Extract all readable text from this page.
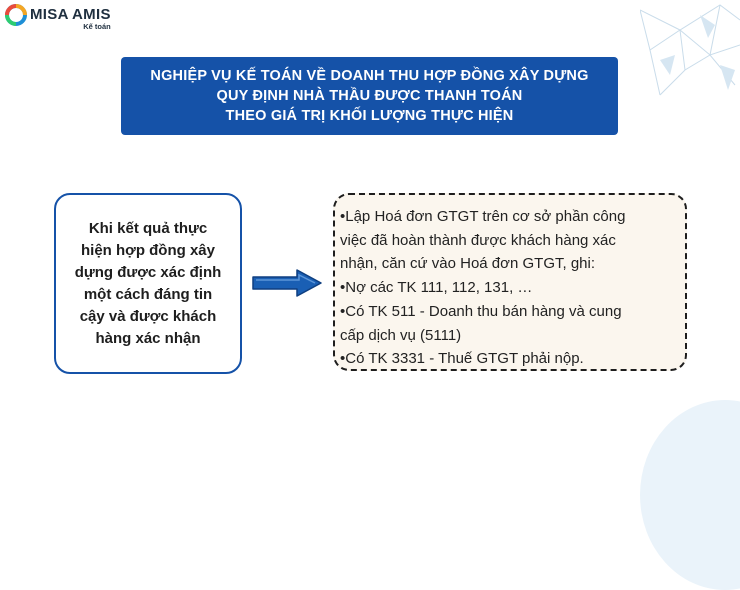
MISA AMIS
Kế toán
NGHIỆP VỤ KẾ TOÁN VỀ DOANH THU HỢP ĐỒNG XÂY DỰNG
QUY ĐỊNH NHÀ THẦU ĐƯỢC THANH TOÁN
THEO GIÁ TRỊ KHỐI LƯỢNG THỰC HIỆN
Khi kết quả thực
hiện hợp đồng xây
dựng được xác định
một cách đáng tin
cậy và được khách
hàng xác nhận
•Lập Hoá đơn GTGT trên cơ sở phần công
việc đã hoàn thành được khách hàng xác
nhận, căn cứ vào Hoá đơn GTGT, ghi:
•Nợ các TK 111, 112, 131, …
•Có TK 511 - Doanh thu bán hàng và cung
cấp dịch vụ (5111)
•Có TK 3331 - Thuế GTGT phải nộp.
